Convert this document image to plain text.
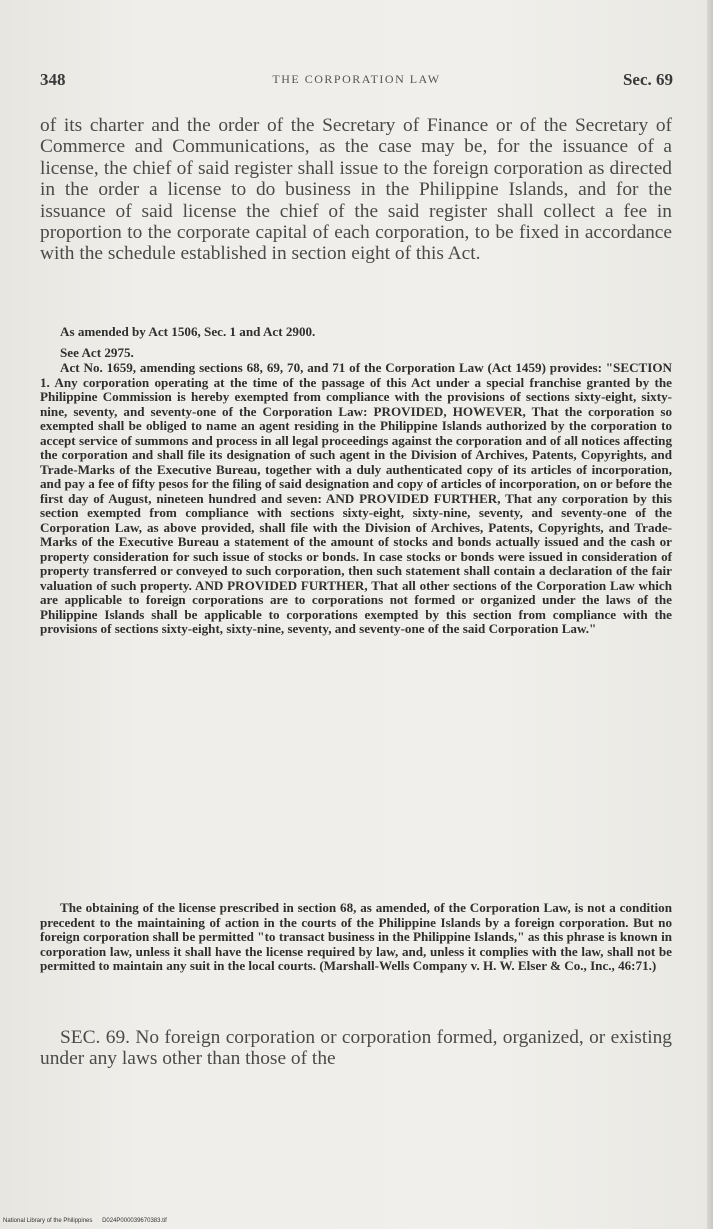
348	THE CORPORATION LAW	Sec. 69
of its charter and the order of the Secretary of Finance or of the Secretary of Commerce and Communications, as the case may be, for the issuance of a license, the chief of said register shall issue to the foreign corporation as directed in the order a license to do business in the Philippine Islands, and for the issuance of said license the chief of the said register shall collect a fee in proportion to the corporate capital of each corporation, to be fixed in accordance with the schedule established in section eight of this Act.
As amended by Act 1506, Sec. 1 and Act 2900.
See Act 2975.
Act No. 1659, amending sections 68, 69, 70, and 71 of the Corporation Law (Act 1459) provides: "SECTION 1. Any corporation operating at the time of the passage of this Act under a special franchise granted by the Philippine Commission is hereby exempted from compliance with the provisions of sections sixty-eight, sixty-nine, seventy, and seventy-one of the Corporation Law: PROVIDED, HOWEVER, That the corporation so exempted shall be obliged to name an agent residing in the Philippine Islands authorized by the corporation to accept service of summons and process in all legal proceedings against the corporation and of all notices affecting the corporation and shall file its designation of such agent in the Division of Archives, Patents, Copyrights, and Trade-Marks of the Executive Bureau, together with a duly authenticated copy of its articles of incorporation, and pay a fee of fifty pesos for the filing of said designation and copy of articles of incorporation, on or before the first day of August, nineteen hundred and seven: AND PROVIDED FURTHER, That any corporation by this section exempted from compliance with sections sixty-eight, sixty-nine, seventy, and seventy-one of the Corporation Law, as above provided, shall file with the Division of Archives, Patents, Copyrights, and Trade-Marks of the Executive Bureau a statement of the amount of stocks and bonds actually issued and the cash or property consideration for such issue of stocks or bonds. In case stocks or bonds were issued in consideration of property transferred or conveyed to such corporation, then such statement shall contain a declaration of the fair valuation of such property. AND PROVIDED FURTHER, That all other sections of the Corporation Law which are applicable to foreign corporations are to corporations not formed or organized under the laws of the Philippine Islands shall be applicable to corporations exempted by this section from compliance with the provisions of sections sixty-eight, sixty-nine, seventy, and seventy-one of the said Corporation Law."
The obtaining of the license prescribed in section 68, as amended, of the Corporation Law, is not a condition precedent to the maintaining of action in the courts of the Philippine Islands by a foreign corporation. But no foreign corporation shall be permitted "to transact business in the Philippine Islands," as this phrase is known in corporation law, unless it shall have the license required by law, and, unless it complies with the law, shall not be permitted to maintain any suit in the local courts. (Marshall-Wells Company v. H. W. Elser & Co., Inc., 46:71.)
SEC. 69. No foreign corporation or corporation formed, organized, or existing under any laws other than those of the
National Library of the Philippines D024P000039670383.tif
